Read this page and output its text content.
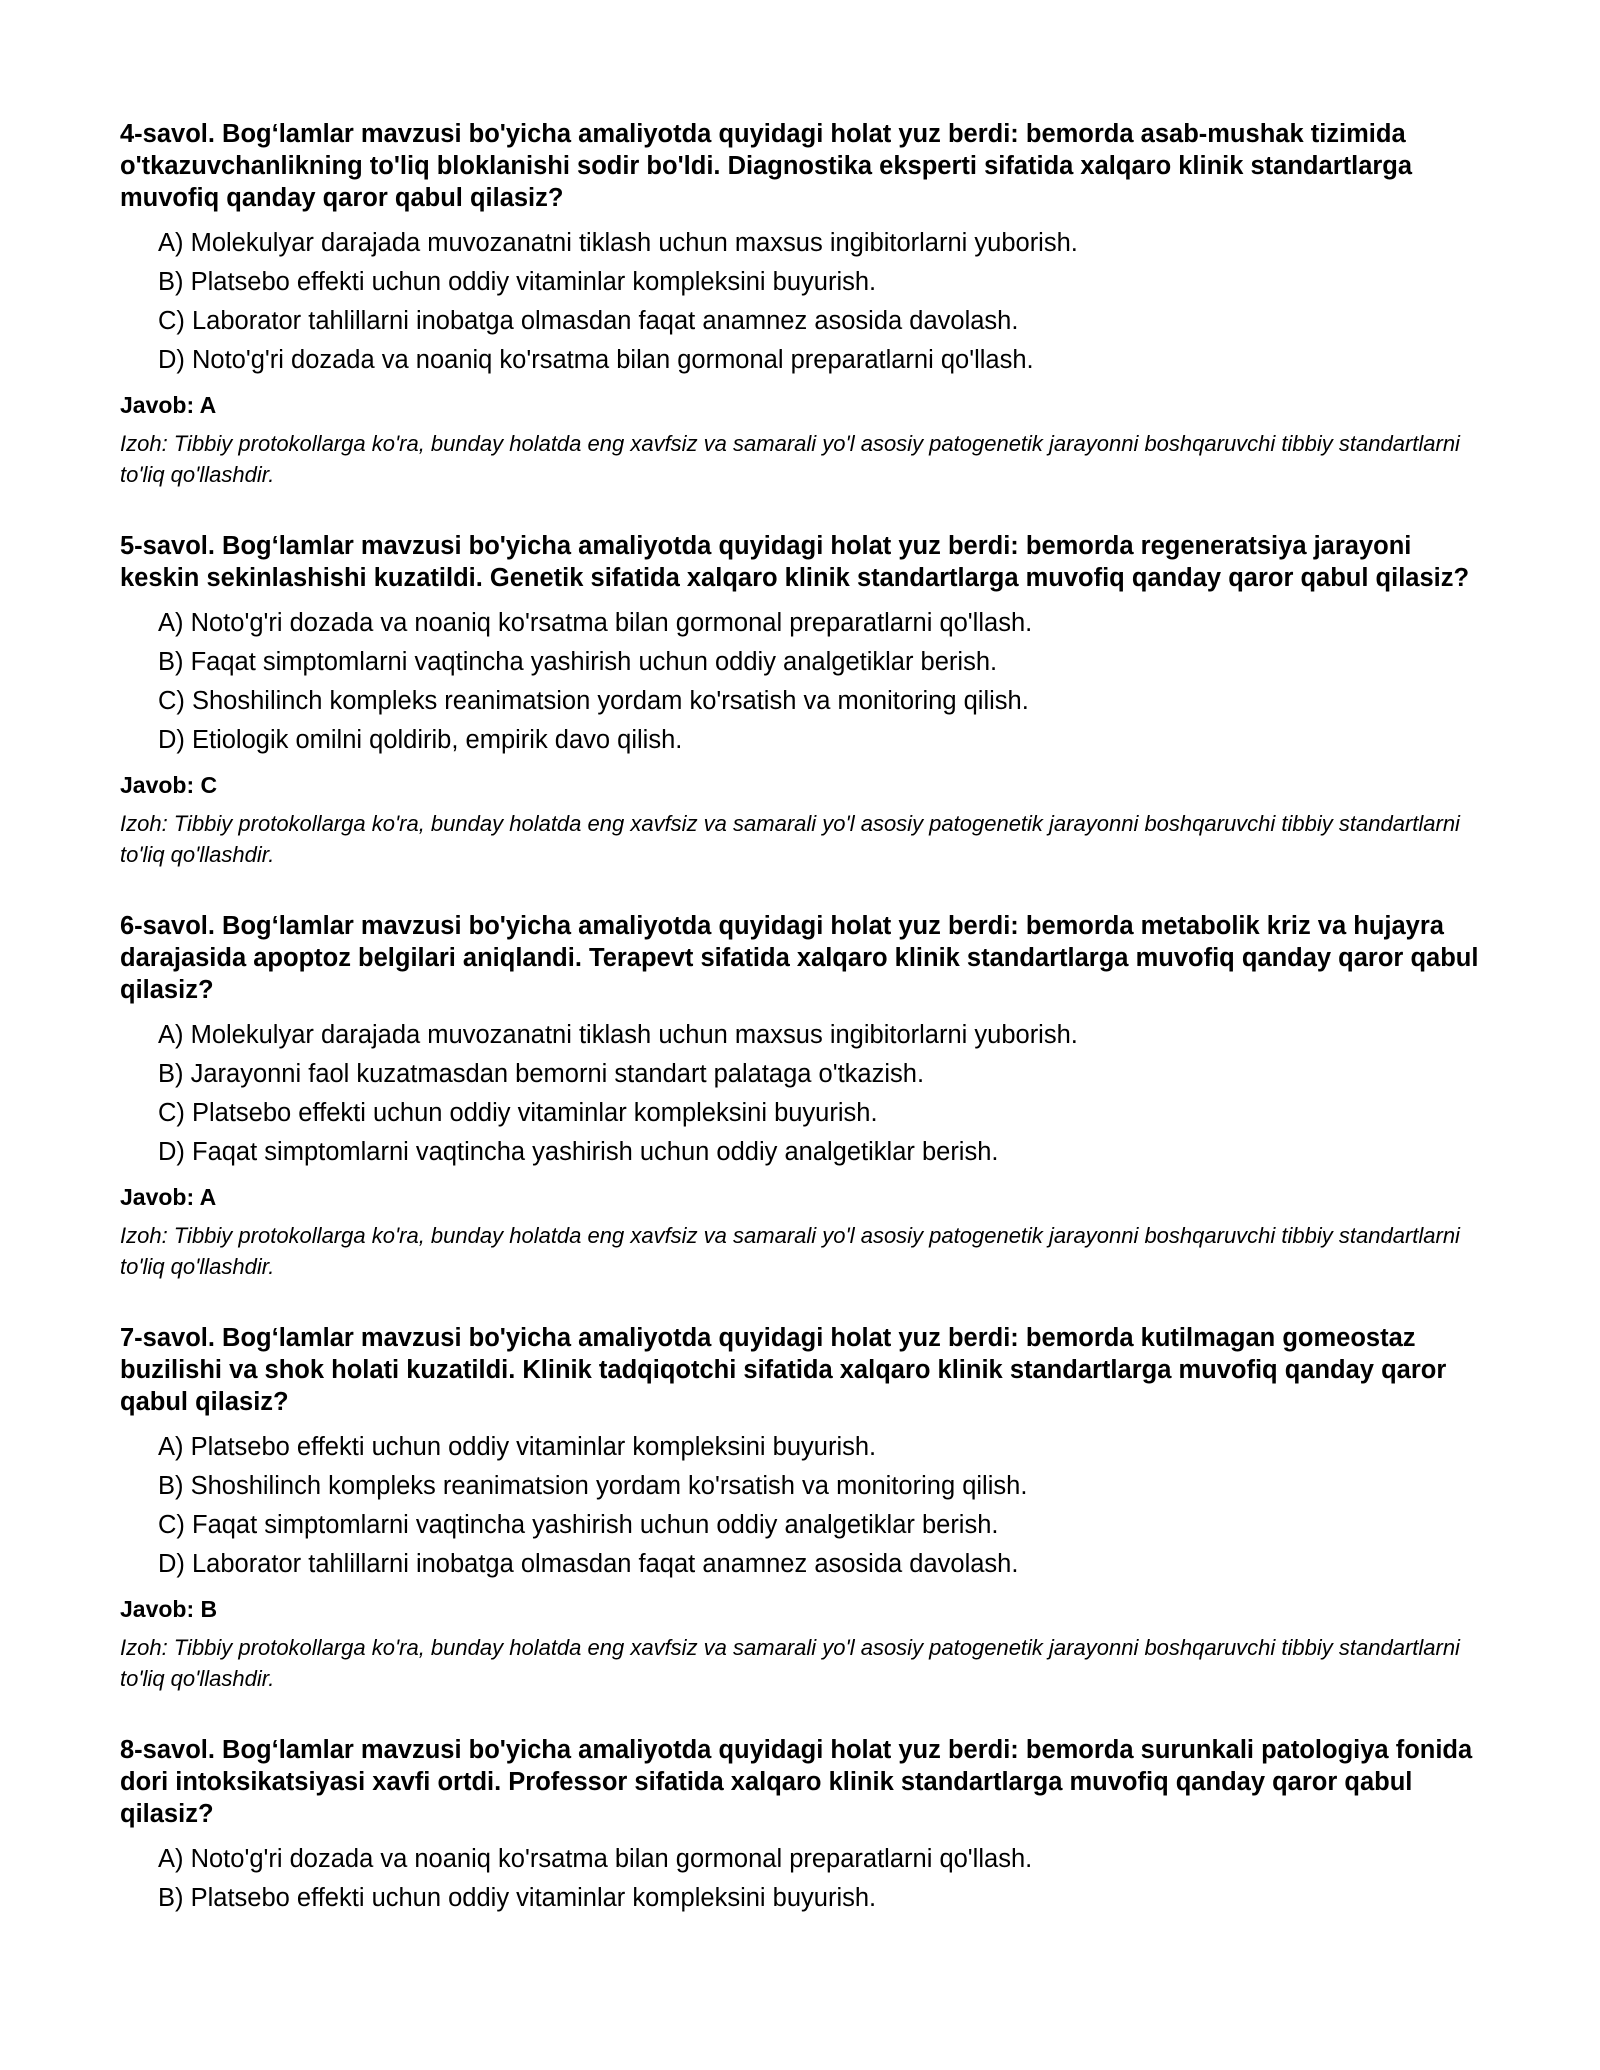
4-savol. Bog‘lamlar mavzusi bo'yicha amaliyotda quyidagi holat yuz berdi: bemorda asab-mushak tizimida o'tkazuvchanlikning to'liq bloklanishi sodir bo'ldi. Diagnostika eksperti sifatida xalqaro klinik standartlarga muvofiq qanday qaror qabul qilasiz?

A) Molekulyar darajada muvozanatni tiklash uchun maxsus ingibitorlarni yuborish.
B) Platsebo effekti uchun oddiy vitaminlar kompleksini buyurish.
C) Laborator tahlillarni inobatga olmasdan faqat anamnez asosida davolash.
D) Noto'g'ri dozada va noaniq ko'rsatma bilan gormonal preparatlarni qo'llash.

Javob: A

Izoh: Tibbiy protokollarga ko'ra, bunday holatda eng xavfsiz va samarali yo'l asosiy patogenetik jarayonni boshqaruvchi tibbiy standartlarni to'liq qo'llashdir.

5-savol. Bog‘lamlar mavzusi bo'yicha amaliyotda quyidagi holat yuz berdi: bemorda regeneratsiya jarayoni keskin sekinlashishi kuzatildi. Genetik sifatida xalqaro klinik standartlarga muvofiq qanday qaror qabul qilasiz?

A) Noto'g'ri dozada va noaniq ko'rsatma bilan gormonal preparatlarni qo'llash.
B) Faqat simptomlarni vaqtincha yashirish uchun oddiy analgetiklar berish.
C) Shoshilinch kompleks reanimatsion yordam ko'rsatish va monitoring qilish.
D) Etiologik omilni qoldirib, empirik davo qilish.

Javob: C

Izoh: Tibbiy protokollarga ko'ra, bunday holatda eng xavfsiz va samarali yo'l asosiy patogenetik jarayonni boshqaruvchi tibbiy standartlarni to'liq qo'llashdir.

6-savol. Bog‘lamlar mavzusi bo'yicha amaliyotda quyidagi holat yuz berdi: bemorda metabolik kriz va hujayra darajasida apoptoz belgilari aniqlandi. Terapevt sifatida xalqaro klinik standartlarga muvofiq qanday qaror qabul qilasiz?

A) Molekulyar darajada muvozanatni tiklash uchun maxsus ingibitorlarni yuborish.
B) Jarayonni faol kuzatmasdan bemorni standart palataga o'tkazish.
C) Platsebo effekti uchun oddiy vitaminlar kompleksini buyurish.
D) Faqat simptomlarni vaqtincha yashirish uchun oddiy analgetiklar berish.

Javob: A

Izoh: Tibbiy protokollarga ko'ra, bunday holatda eng xavfsiz va samarali yo'l asosiy patogenetik jarayonni boshqaruvchi tibbiy standartlarni to'liq qo'llashdir.

7-savol. Bog‘lamlar mavzusi bo'yicha amaliyotda quyidagi holat yuz berdi: bemorda kutilmagan gomeostaz buzilishi va shok holati kuzatildi. Klinik tadqiqotchi sifatida xalqaro klinik standartlarga muvofiq qanday qaror qabul qilasiz?

A) Platsebo effekti uchun oddiy vitaminlar kompleksini buyurish.
B) Shoshilinch kompleks reanimatsion yordam ko'rsatish va monitoring qilish.
C) Faqat simptomlarni vaqtincha yashirish uchun oddiy analgetiklar berish.
D) Laborator tahlillarni inobatga olmasdan faqat anamnez asosida davolash.

Javob: B

Izoh: Tibbiy protokollarga ko'ra, bunday holatda eng xavfsiz va samarali yo'l asosiy patogenetik jarayonni boshqaruvchi tibbiy standartlarni to'liq qo'llashdir.

8-savol. Bog‘lamlar mavzusi bo'yicha amaliyotda quyidagi holat yuz berdi: bemorda surunkali patologiya fonida dori intoksikatsiyasi xavfi ortdi. Professor sifatida xalqaro klinik standartlarga muvofiq qanday qaror qabul qilasiz?

A) Noto'g'ri dozada va noaniq ko'rsatma bilan gormonal preparatlarni qo'llash.
B) Platsebo effekti uchun oddiy vitaminlar kompleksini buyurish.
